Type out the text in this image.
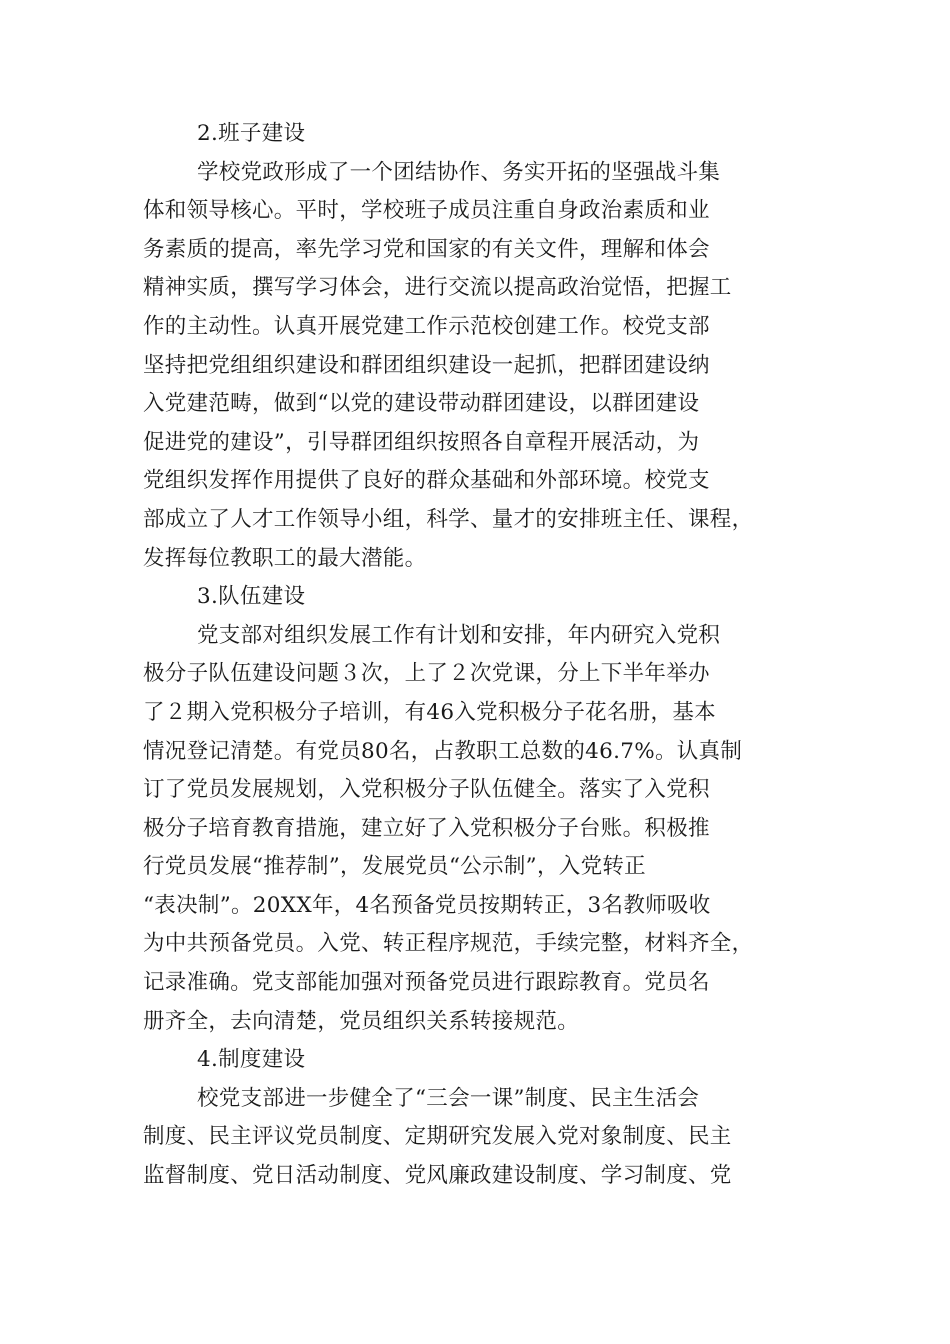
2.班子建设
学校党政形成了一个团结协作、务实开拓的坚强战斗集
体和领导核心。平时，学校班子成员注重自身政治素质和业
务素质的提高，率先学习党和国家的有关文件，理解和体会
精神实质，撰写学习体会，进行交流以提高政治觉悟，把握工
作的主动性。认真开展党建工作示范校创建工作。校党支部
坚持把党组组织建设和群团组织建设一起抓，把群团建设纳
入党建范畴，做到“以党的建设带动群团建设，以群团建设
促进党的建设”，引导群团组织按照各自章程开展活动，为
党组织发挥作用提供了良好的群众基础和外部环境。校党支
部成立了人才工作领导小组，科学、量才的安排班主任、课程，
发挥每位教职工的最大潜能。
3.队伍建设
党支部对组织发展工作有计划和安排，年内研究入党积
极分子队伍建设问题３次，上了２次党课，分上下半年举办
了２期入党积极分子培训，有46入党积极分子花名册，基本
情况登记清楚。有党员80名，占教职工总数的46.7%。认真制
订了党员发展规划，入党积极分子队伍健全。落实了入党积
极分子培育教育措施，建立好了入党积极分子台账。积极推
行党员发展“推荐制”，发展党员“公示制”，入党转正
“表决制”。20XX年，4名预备党员按期转正，3名教师吸收
为中共预备党员。入党、转正程序规范，手续完整，材料齐全，
记录准确。党支部能加强对预备党员进行跟踪教育。党员名
册齐全，去向清楚，党员组织关系转接规范。
4.制度建设
校党支部进一步健全了“三会一课”制度、民主生活会
制度、民主评议党员制度、定期研究发展入党对象制度、民主
监督制度、党日活动制度、党风廉政建设制度、学习制度、党
